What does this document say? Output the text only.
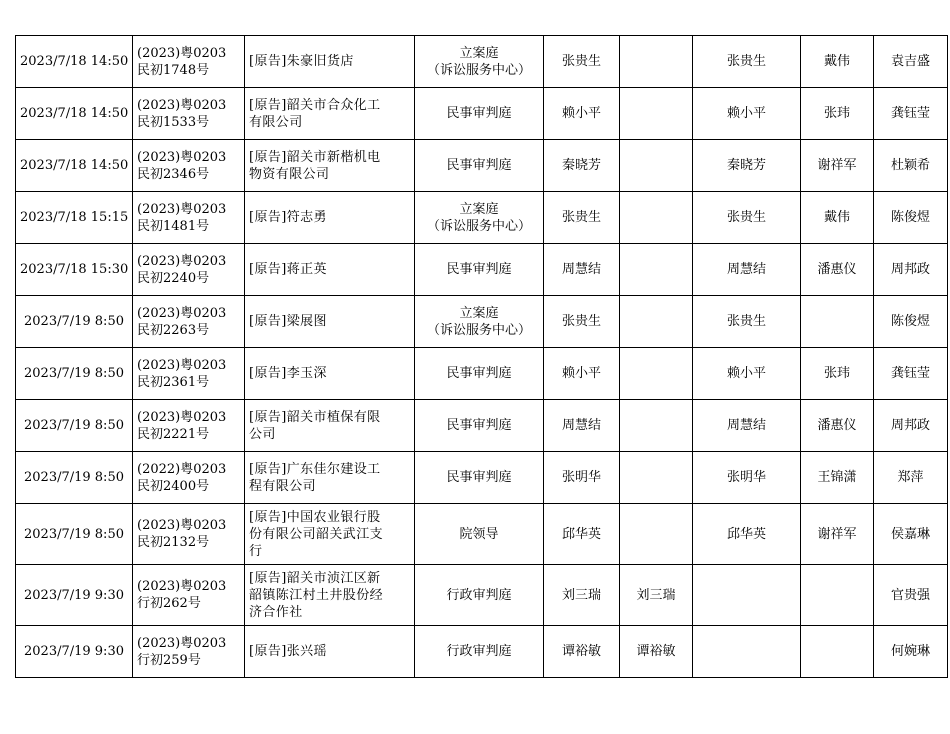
2023/7/18 14:50	(2023)粤0203
民初1748号	[原告]朱豪旧货店	立案庭
（诉讼服务中心）	张贵生		张贵生	戴伟	袁吉盛
2023/7/18 14:50	(2023)粤0203
民初1533号	[原告]韶关市合众化工
有限公司	民事审判庭	赖小平		赖小平	张玮	龚钰莹
2023/7/18 14:50	(2023)粤0203
民初2346号	[原告]韶关市新楷机电
物资有限公司	民事审判庭	秦晓芳		秦晓芳	谢祥军	杜颖希
2023/7/18 15:15	(2023)粤0203
民初1481号	[原告]符志勇	立案庭
（诉讼服务中心）	张贵生		张贵生	戴伟	陈俊煜
2023/7/18 15:30	(2023)粤0203
民初2240号	[原告]蒋正英	民事审判庭	周慧结		周慧结	潘惠仪	周邦政
2023/7/19 8:50	(2023)粤0203
民初2263号	[原告]梁展图	立案庭
（诉讼服务中心）	张贵生		张贵生		陈俊煜
2023/7/19 8:50	(2023)粤0203
民初2361号	[原告]李玉深	民事审判庭	赖小平		赖小平	张玮	龚钰莹
2023/7/19 8:50	(2023)粤0203
民初2221号	[原告]韶关市植保有限
公司	民事审判庭	周慧结		周慧结	潘惠仪	周邦政
2023/7/19 8:50	(2022)粤0203
民初2400号	[原告]广东佳尔建设工
程有限公司	民事审判庭	张明华		张明华	王锦潇	郑萍
2023/7/19 8:50	(2023)粤0203
民初2132号	[原告]中国农业银行股
份有限公司韶关武江支
行	院领导	邱华英		邱华英	谢祥军	侯嘉琳
2023/7/19 9:30	(2023)粤0203
行初262号	[原告]韶关市浈江区新
韶镇陈江村土井股份经
济合作社	行政审判庭	刘三瑞	刘三瑞			官贵强
2023/7/19 9:30	(2023)粤0203
行初259号	[原告]张兴瑶	行政审判庭	谭裕敏	谭裕敏			何婉琳
